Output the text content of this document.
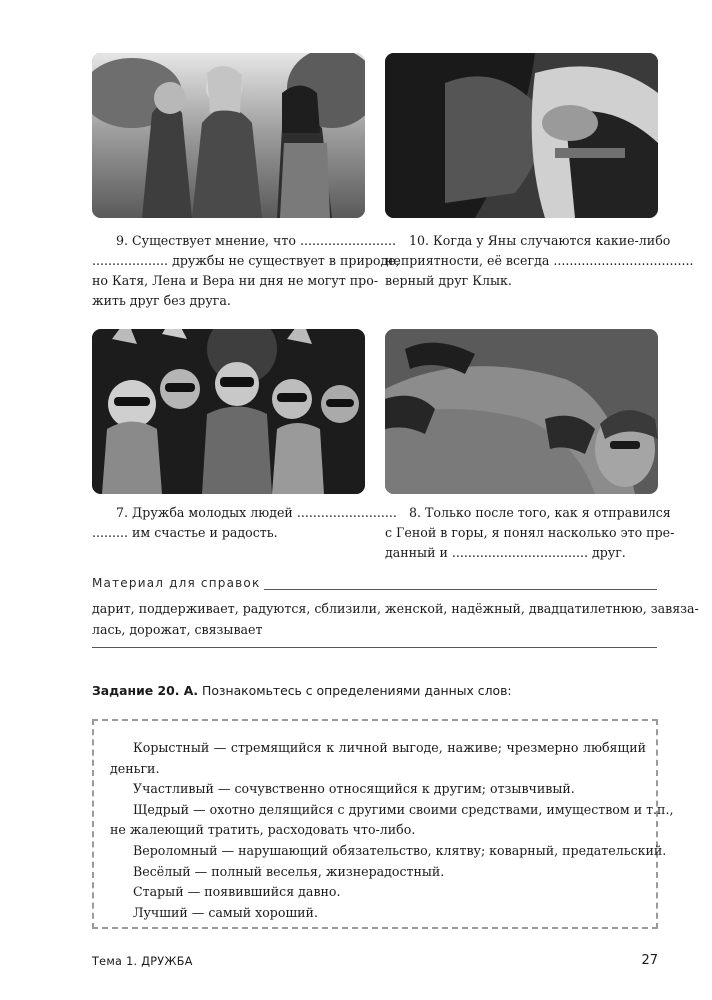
9. Существует мнение, что ........................
................... дружбы не существует в природе,
но Катя, Лена и Вера ни дня не могут про-
жить друг без друга.
10. Когда у Яны случаются какие-либо
неприятности, её всегда ...................................
верный друг Клык.
7. Дружба молодых людей .........................
......... им счастье и радость.
8. Только после того, как я отправился
с Геной в горы, я понял насколько это пре-
данный и .................................. друг.
Материал для справок
дарит, поддерживает, радуются, сблизили, женской, надёжный, двадцатилетнюю, завяза-
лась, дорожат, связывает
Задание 20. А. Познакомьтесь с определениями данных слов:
Корыстный — стремящийся к личной выгоде, наживе; чрезмерно любящий
деньги.
Участливый — сочувственно относящийся к другим; отзывчивый.
Щедрый — охотно делящийся с другими своими средствами, имуществом и т.п.,
не жалеющий тратить, расходовать что-либо.
Вероломный — нарушающий обязательство, клятву; коварный, предательский.
Весёлый — полный веселья, жизнерадостный.
Старый — появившийся давно.
Лучший — самый хороший.
Тема 1. ДРУЖБА	27
